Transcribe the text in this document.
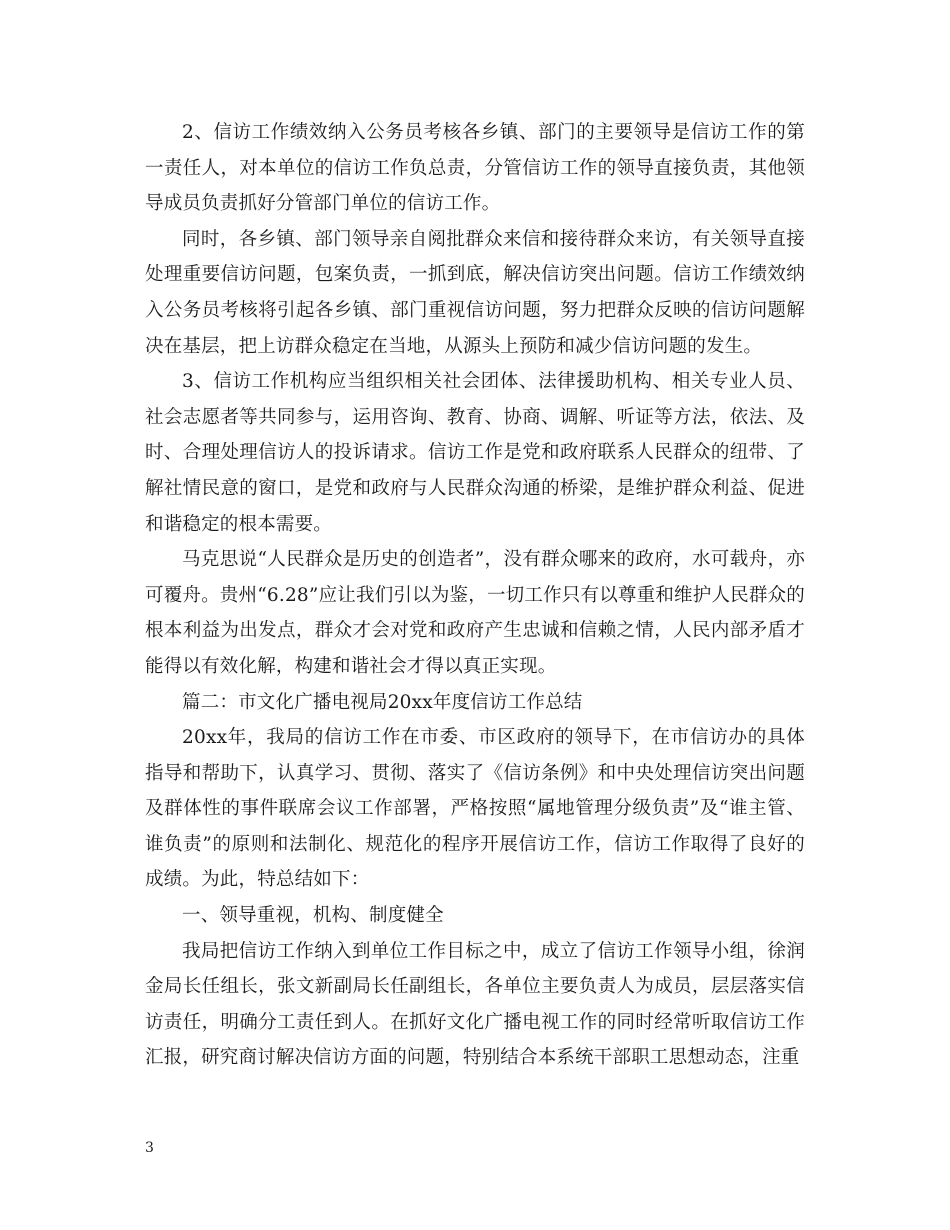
2、信访工作绩效纳入公务员考核各乡镇、部门的主要领导是信访工作的第一责任人，对本单位的信访工作负总责，分管信访工作的领导直接负责，其他领导成员负责抓好分管部门单位的信访工作。

同时，各乡镇、部门领导亲自阅批群众来信和接待群众来访，有关领导直接处理重要信访问题，包案负责，一抓到底，解决信访突出问题。信访工作绩效纳入公务员考核将引起各乡镇、部门重视信访问题，努力把群众反映的信访问题解决在基层，把上访群众稳定在当地，从源头上预防和减少信访问题的发生。

3、信访工作机构应当组织相关社会团体、法律援助机构、相关专业人员、社会志愿者等共同参与，运用咨询、教育、协商、调解、听证等方法，依法、及时、合理处理信访人的投诉请求。信访工作是党和政府联系人民群众的纽带、了解社情民意的窗口，是党和政府与人民群众沟通的桥梁，是维护群众利益、促进和谐稳定的根本需要。

马克思说“人民群众是历史的创造者”，没有群众哪来的政府，水可载舟，亦可覆舟。贵州“6.28”应让我们引以为鉴，一切工作只有以尊重和维护人民群众的根本利益为出发点，群众才会对党和政府产生忠诚和信赖之情，人民内部矛盾才能得以有效化解，构建和谐社会才得以真正实现。

篇二：市文化广播电视局20xx年度信访工作总结

20xx年，我局的信访工作在市委、市区政府的领导下，在市信访办的具体指导和帮助下，认真学习、贯彻、落实了《信访条例》和中央处理信访突出问题及群体性的事件联席会议工作部署，严格按照“属地管理分级负责”及“谁主管、谁负责”的原则和法制化、规范化的程序开展信访工作，信访工作取得了良好的成绩。为此，特总结如下：

一、领导重视，机构、制度健全

我局把信访工作纳入到单位工作目标之中，成立了信访工作领导小组，徐润金局长任组长，张文新副局长任副组长，各单位主要负责人为成员，层层落实信访责任，明确分工责任到人。在抓好文化广播电视工作的同时经常听取信访工作汇报，研究商讨解决信访方面的问题，特别结合本系统干部职工思想动态，注重

3
